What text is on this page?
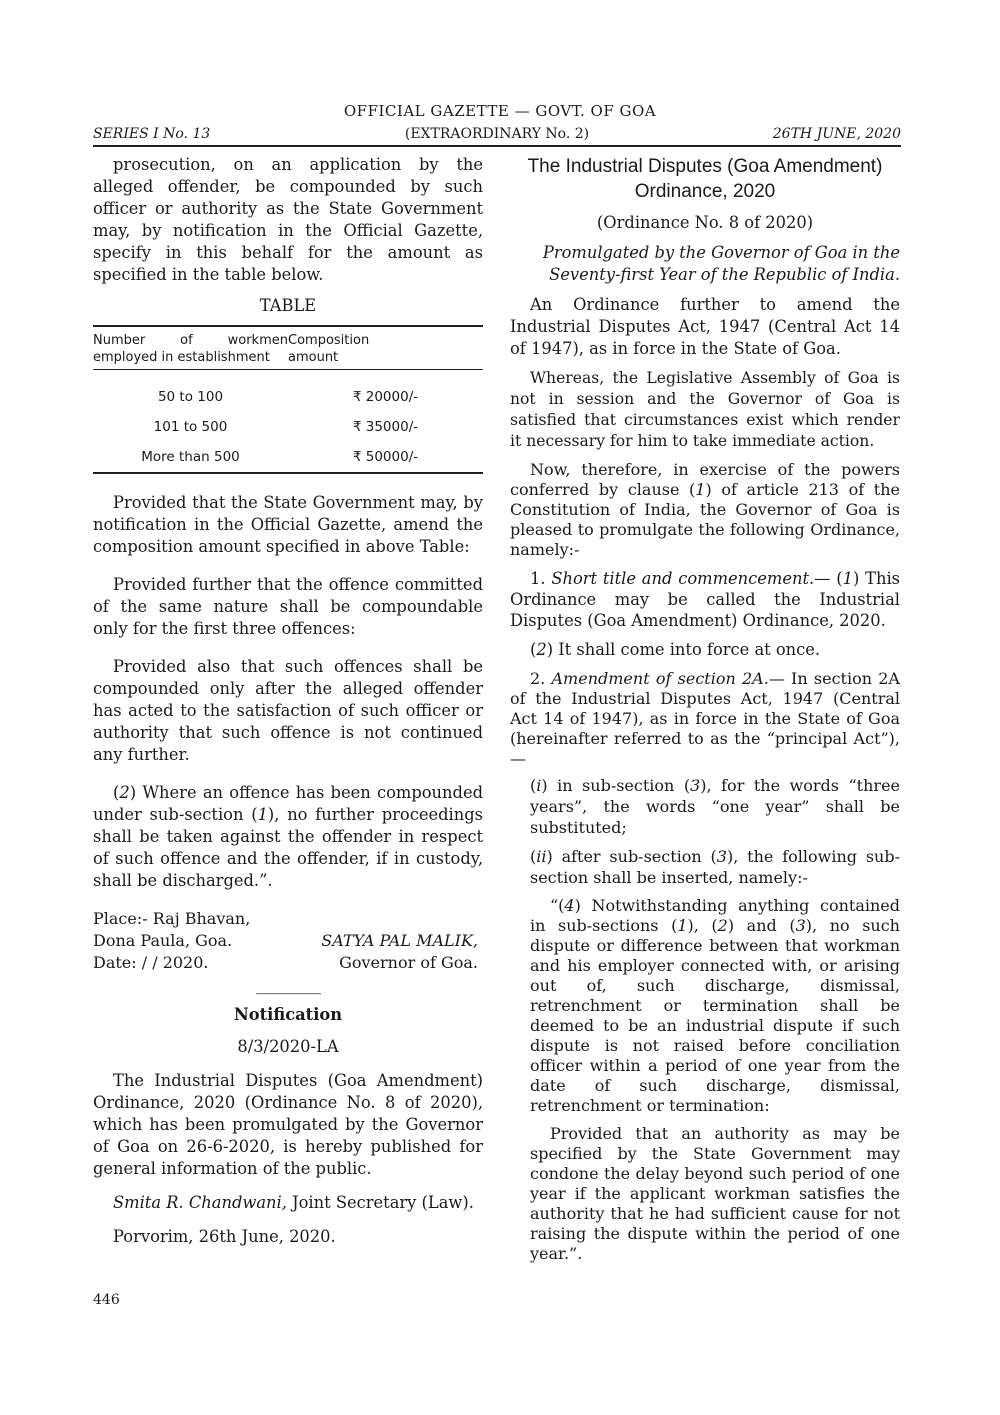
OFFICIAL GAZETTE — GOVT. OF GOA
(EXTRAORDINARY No. 2)
SERIES I No. 13	26TH JUNE, 2020

prosecution, on an application by the alleged offender, be compounded by such officer or authority as the State Government may, by notification in the Official Gazette, specify in this behalf for the amount as specified in the table below.

TABLE

Number of workmen employed in establishment	Composition amount
50 to 100	₹ 20000/-
101 to 500	₹ 35000/-
More than 500	₹ 50000/-

Provided that the State Government may, by notification in the Official Gazette, amend the composition amount specified in above Table:

Provided further that the offence committed of the same nature shall be compoundable only for the first three offences:

Provided also that such offences shall be compounded only after the alleged offender has acted to the satisfaction of such officer or authority that such offence is not continued any further.

(2) Where an offence has been compounded under sub-section (1), no further proceedings shall be taken against the offender in respect of such offence and the offender, if in custody, shall be discharged.”.

Place:- Raj Bhavan,
Dona Paula, Goa.	SATYA PAL MALIK,
Date: / / 2020.	Governor of Goa.

_________

Notification

8/3/2020-LA

The Industrial Disputes (Goa Amendment) Ordinance, 2020 (Ordinance No. 8 of 2020), which has been promulgated by the Governor of Goa on 26-6-2020, is hereby published for general information of the public.

Smita R. Chandwani, Joint Secretary (Law).

Porvorim, 26th June, 2020.

The Industrial Disputes (Goa Amendment) Ordinance, 2020

(Ordinance No. 8 of 2020)

Promulgated by the Governor of Goa in the Seventy-first Year of the Republic of India.

An Ordinance further to amend the Industrial Disputes Act, 1947 (Central Act 14 of 1947), as in force in the State of Goa.

Whereas, the Legislative Assembly of Goa is not in session and the Governor of Goa is satisfied that circumstances exist which render it necessary for him to take immediate action.

Now, therefore, in exercise of the powers conferred by clause (1) of article 213 of the Constitution of India, the Governor of Goa is pleased to promulgate the following Ordinance, namely:-

1. Short title and commencement.— (1) This Ordinance may be called the Industrial Disputes (Goa Amendment) Ordinance, 2020.

(2) It shall come into force at once.

2. Amendment of section 2A.— In section 2A of the Industrial Disputes Act, 1947 (Central Act 14 of 1947), as in force in the State of Goa (hereinafter referred to as the “principal Act”),—

(i) in sub-section (3), for the words “three years”, the words “one year” shall be substituted;

(ii) after sub-section (3), the following sub-section shall be inserted, namely:-

“(4) Notwithstanding anything contained in sub-sections (1), (2) and (3), no such dispute or difference between that workman and his employer connected with, or arising out of, such discharge, dismissal, retrenchment or termination shall be deemed to be an industrial dispute if such dispute is not raised before conciliation officer within a period of one year from the date of such discharge, dismissal, retrenchment or termination:

Provided that an authority as may be specified by the State Government may condone the delay beyond such period of one year if the applicant workman satisfies the authority that he had sufficient cause for not raising the dispute within the period of one year.”.

446
